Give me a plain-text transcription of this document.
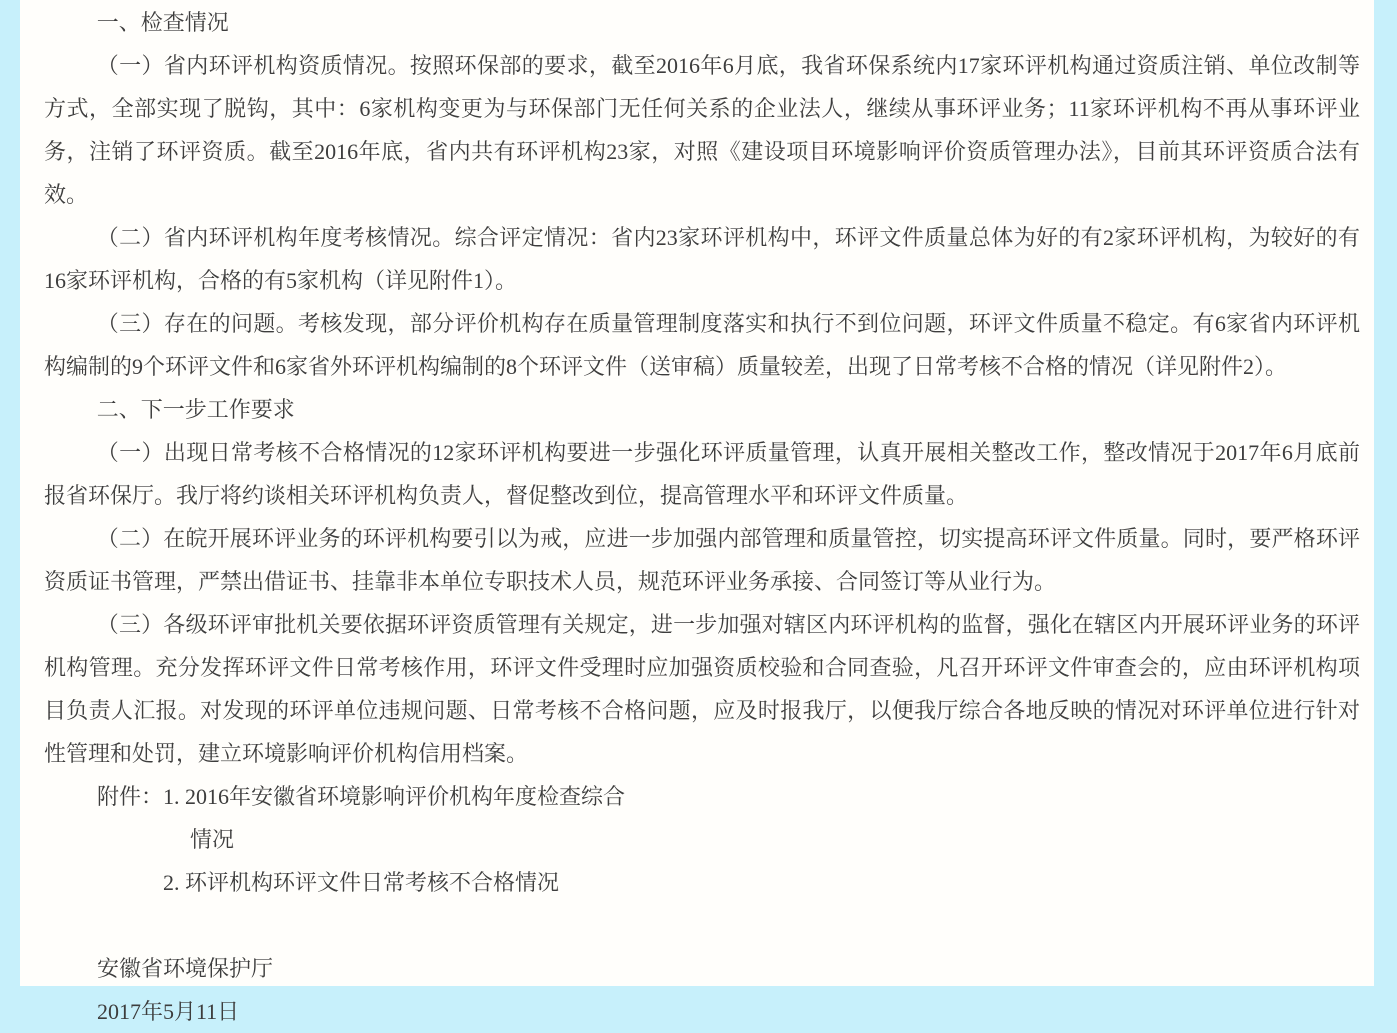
一、检查情况

（一）省内环评机构资质情况。按照环保部的要求，截至2016年6月底，我省环保系统内17家环评机构通过资质注销、单位改制等方式，全部实现了脱钩，其中：6家机构变更为与环保部门无任何关系的企业法人，继续从事环评业务；11家环评机构不再从事环评业务，注销了环评资质。截至2016年底，省内共有环评机构23家，对照《建设项目环境影响评价资质管理办法》，目前其环评资质合法有效。

（二）省内环评机构年度考核情况。综合评定情况：省内23家环评机构中，环评文件质量总体为好的有2家环评机构，为较好的有16家环评机构，合格的有5家机构（详见附件1）。

（三）存在的问题。考核发现，部分评价机构存在质量管理制度落实和执行不到位问题，环评文件质量不稳定。有6家省内环评机构编制的9个环评文件和6家省外环评机构编制的8个环评文件（送审稿）质量较差，出现了日常考核不合格的情况（详见附件2）。

二、下一步工作要求

（一）出现日常考核不合格情况的12家环评机构要进一步强化环评质量管理，认真开展相关整改工作，整改情况于2017年6月底前报省环保厅。我厅将约谈相关环评机构负责人，督促整改到位，提高管理水平和环评文件质量。

（二）在皖开展环评业务的环评机构要引以为戒，应进一步加强内部管理和质量管控，切实提高环评文件质量。同时，要严格环评资质证书管理，严禁出借证书、挂靠非本单位专职技术人员，规范环评业务承接、合同签订等从业行为。

（三）各级环评审批机关要依据环评资质管理有关规定，进一步加强对辖区内环评机构的监督，强化在辖区内开展环评业务的环评机构管理。充分发挥环评文件日常考核作用，环评文件受理时应加强资质校验和合同查验，凡召开环评文件审查会的，应由环评机构项目负责人汇报。对发现的环评单位违规问题、日常考核不合格问题，应及时报我厅，以便我厅综合各地反映的情况对环评单位进行针对性管理和处罚，建立环境影响评价机构信用档案。

附件：1. 2016年安徽省环境影响评价机构年度检查综合

情况

2. 环评机构环评文件日常考核不合格情况

安徽省环境保护厅

2017年5月11日
